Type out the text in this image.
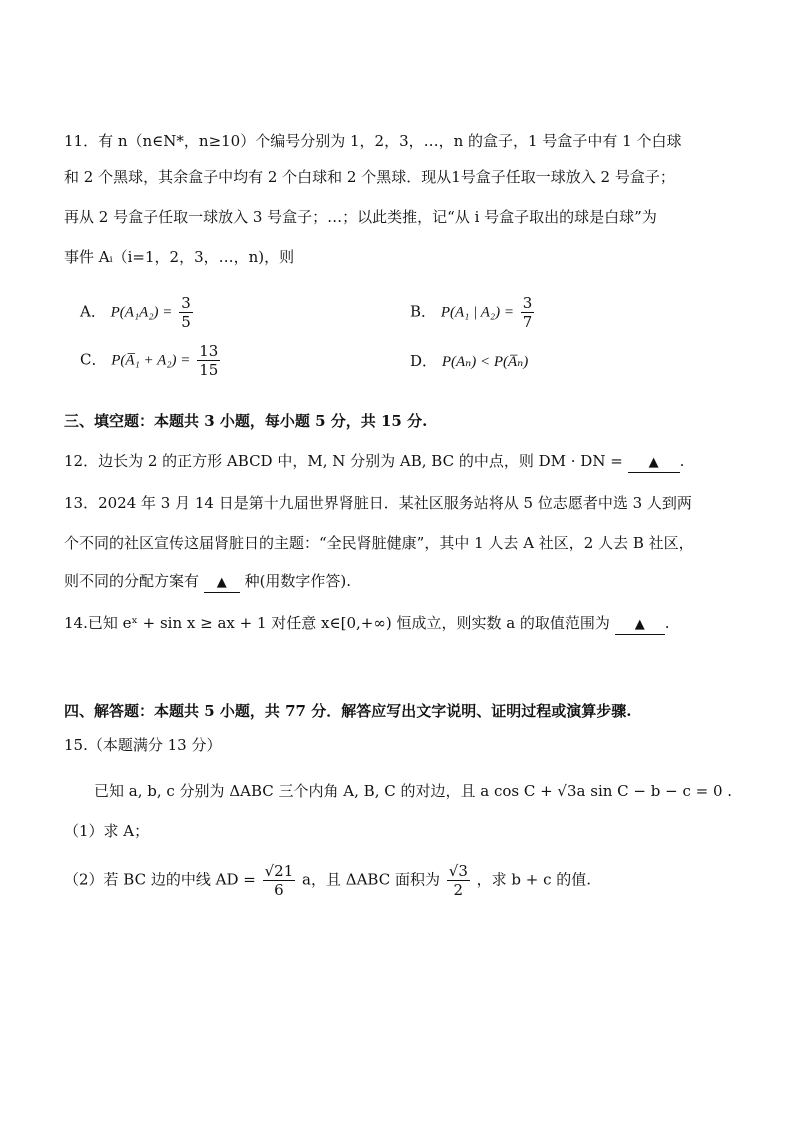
11．有 n（n∈N*，n≥10）个编号分别为 1，2，3，…，n 的盒子，1 号盒子中有 1 个白球
和 2 个黑球，其余盒子中均有 2 个白球和 2 个黑球．现从1号盒子任取一球放入 2 号盒子；
再从 2 号盒子任取一球放入 3 号盒子；…；以此类推，记“从 i 号盒子取出的球是白球”为
事件 Aᵢ（i=1，2，3，…，n)，则
A． $P(A_1A_2) = \frac{3}{5}$	B． P(A₁ | $A_2) = \frac{3}{7}$
C． P(A̅₁ + $A_2) = \frac{13}{15}$	D． P(Aₙ) < P(A̅ₙ)
三、填空题：本题共 3 小题，每小题 5 分，共 15 分.
12．边长为 2 的正方形 ABCD 中，M, N 分别为 AB, BC 的中点，则 DM · DN = ▲ .
13．2024 年 3 月 14 日是第十九届世界肾脏日．某社区服务站将从 5 位志愿者中选 3 人到两
个不同的社区宣传这届肾脏日的主题：“全民肾脏健康”，其中 1 人去 A 社区，2 人去 B 社区，
则不同的分配方案有 ▲ 种(用数字作答).
14.已知 eˣ + sin x ≥ ax + 1 对任意 x∈[0,+∞) 恒成立，则实数 a 的取值范围为 ▲ .
四、解答题：本题共 5 小题，共 77 分．解答应写出文字说明、证明过程或演算步骤.
15.（本题满分 13 分）
已知 a, b, c 分别为 ΔABC 三个内角 A, B, C 的对边，且 a cos C + √3a sin C − b − c = 0 .
（1）求 A；
（2）若 BC 边的中线 AD = $\frac{√21}{6}$ a，且 ΔABC 面积为 $\frac{√3}{2}$ ，求 b + c 的值.
